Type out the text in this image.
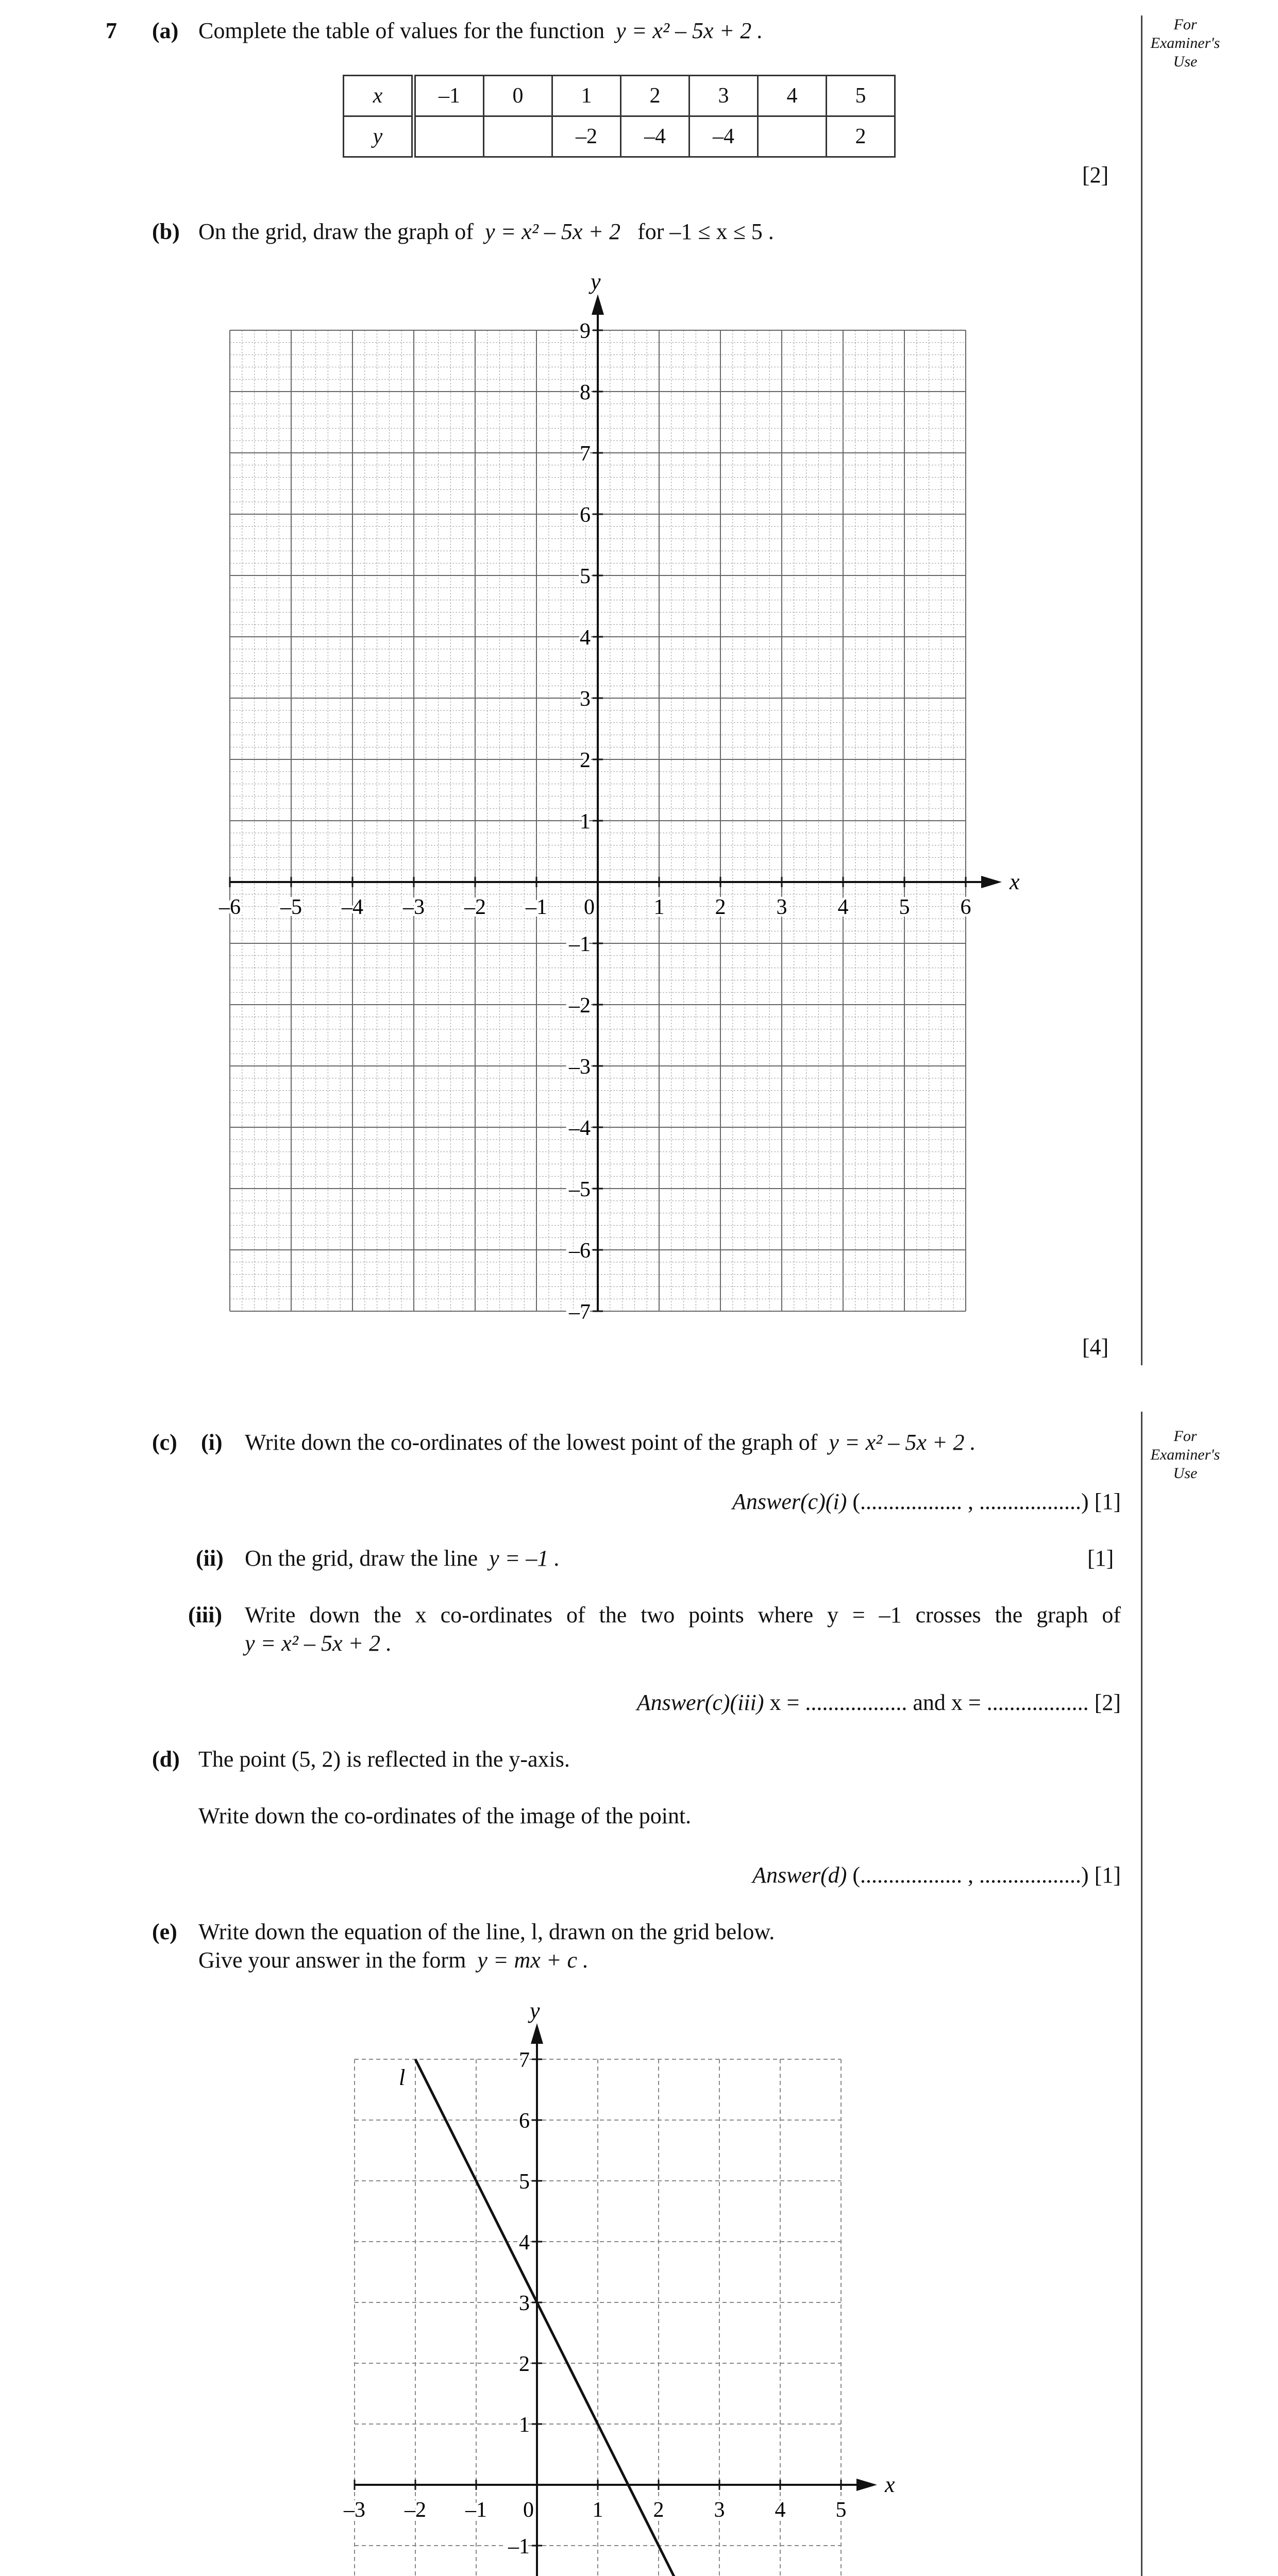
For
Examiner's
Use
For
Examiner's
Use
7 (a) Complete the table of values for the function y = x² – 5x + 2 .
x	–1	0	1	2	3	4	5
y			–2	–4	–4		2
[2]
(b) On the grid, draw the graph of y = x² – 5x + 2 for –1 ≤ x ≤ 5 .
x
y
–6 –5 –4 –3 –2 –1	1 2 3 4 5 6
9
8
7
6
5
4
3
2
1
–1
–2
–3
–4
–5
–6
–7
0
[4]
(c) (i) Write down the co-ordinates of the lowest point of the graph of y = x² – 5x + 2 .
Answer(c)(i) (.................. , ..................) [1]
(ii) On the grid, draw the line y = –1 .	[1]
(iii) Write down the x co-ordinates of the two points where y = –1 crosses the graph of
y = x² – 5x + 2 .
Answer(c)(iii) x = .................. and x = .................. [2]
(d) The point (5, 2) is reflected in the y-axis.
Write down the co-ordinates of the image of the point.
Answer(d) (.................. , ..................) [1]
(e) Write down the equation of the line, l, drawn on the grid below.
Give your answer in the form y = mx + c .
x
y
–3 –2 –1	1 2 3 4 5
7
6
5
4
3
2
1
–1
0
l
